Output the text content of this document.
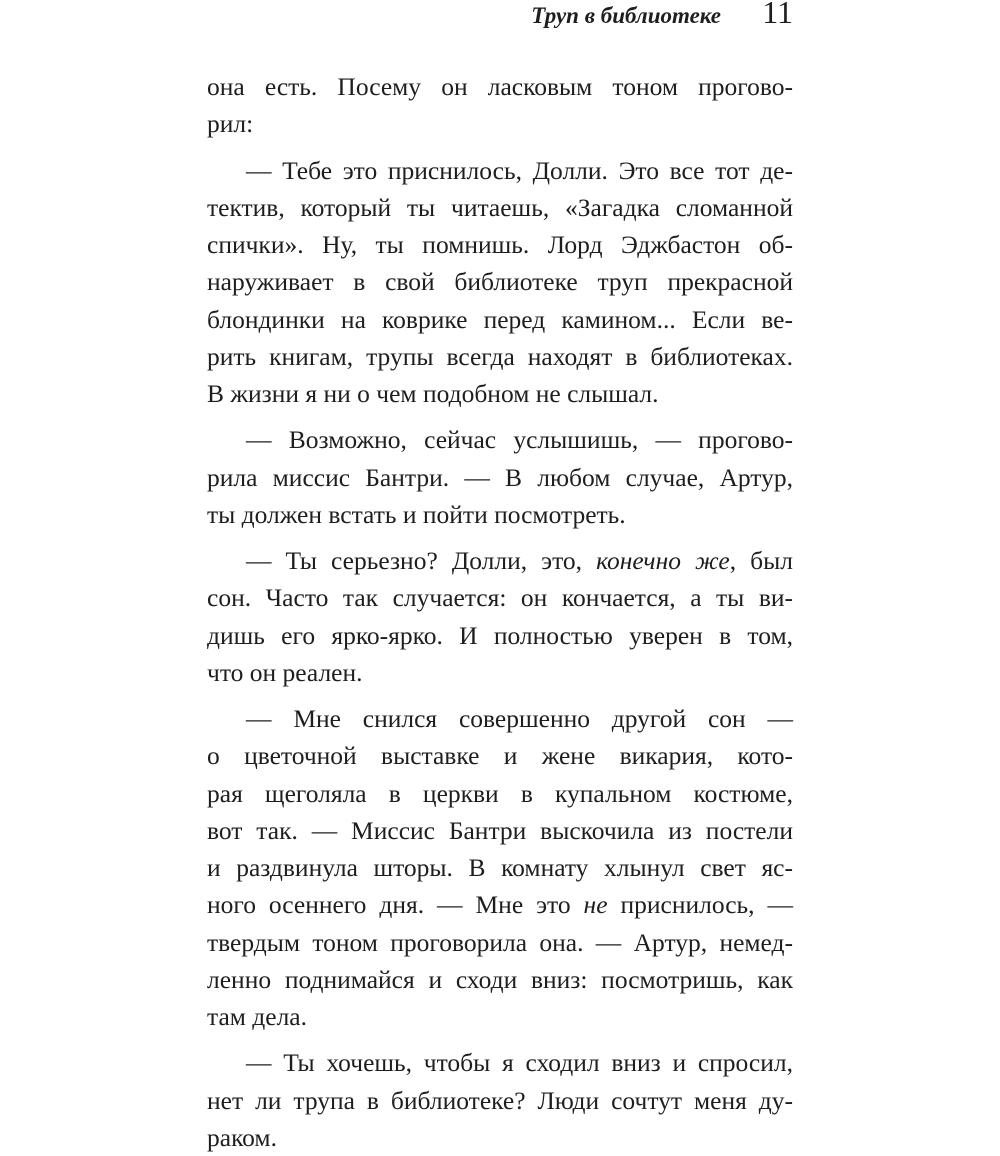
Труп в библиотеке 11
она есть. Посему он ласковым тоном прогово-
рил:
— Тебе это приснилось, Долли. Это все тот де-
тектив, который ты читаешь, «Загадка сломанной
спички». Ну, ты помнишь. Лорд Эджбастон об-
наруживает в свой библиотеке труп прекрасной
блондинки на коврике перед камином... Если ве-
рить книгам, трупы всегда находят в библиотеках.
В жизни я ни о чем подобном не слышал.
— Возможно, сейчас услышишь, — прогово-
рила миссис Бантри. — В любом случае, Артур,
ты должен встать и пойти посмотреть.
— Ты серьезно? Долли, это, конечно же, был
сон. Часто так случается: он кончается, а ты ви-
дишь его ярко-ярко. И полностью уверен в том,
что он реален.
— Мне снился совершенно другой сон —
о цветочной выставке и жене викария, кото-
рая щеголяла в церкви в купальном костюме,
вот так. — Миссис Бантри выскочила из постели
и раздвинула шторы. В комнату хлынул свет яс-
ного осеннего дня. — Мне это не приснилось, —
твердым тоном проговорила она. — Артур, немед-
ленно поднимайся и сходи вниз: посмотришь, как
там дела.
— Ты хочешь, чтобы я сходил вниз и спросил,
нет ли трупа в библиотеке? Люди сочтут меня ду-
раком.
